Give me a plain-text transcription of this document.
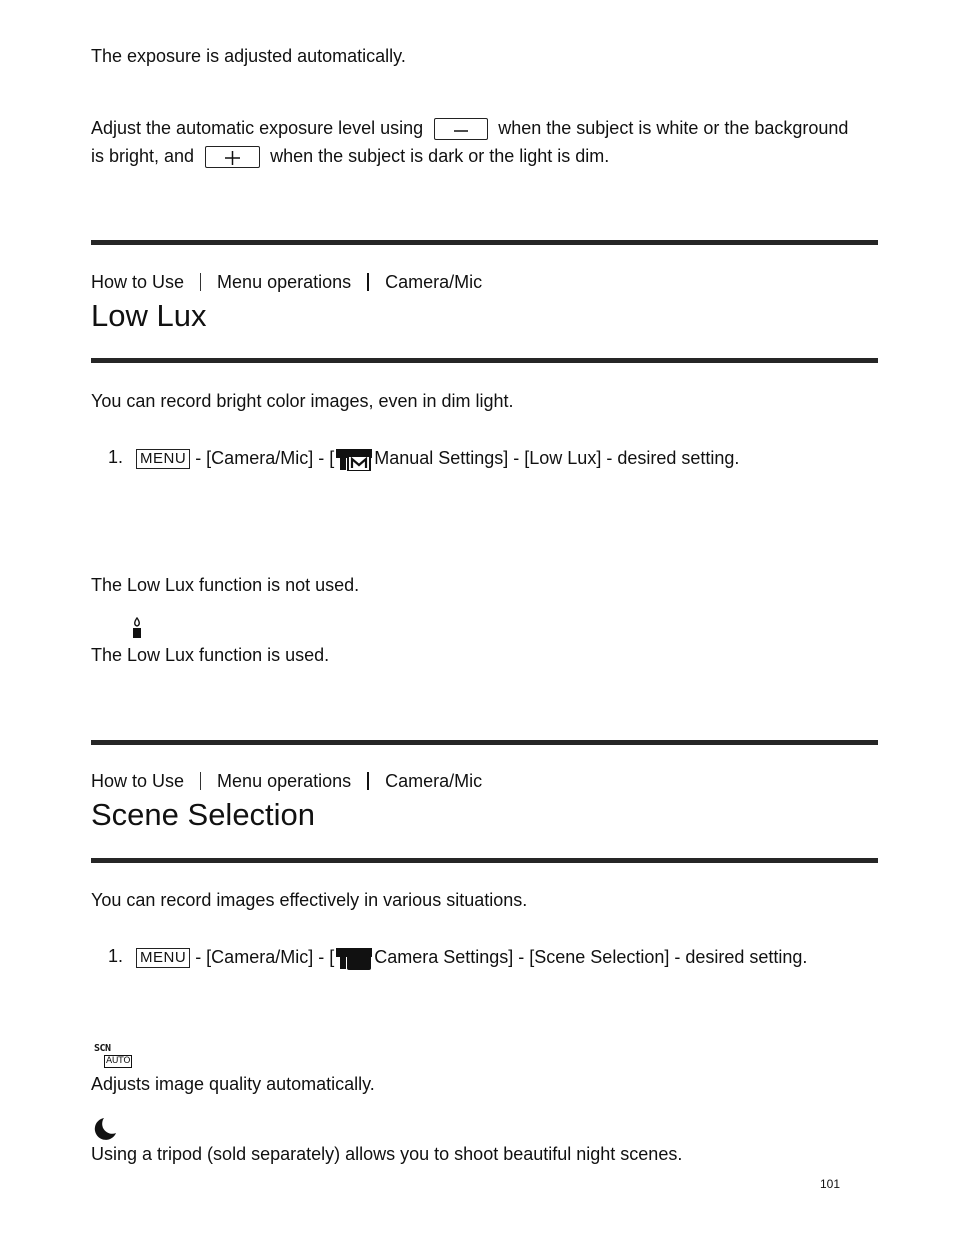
The exposure is adjusted automatically.
Adjust the automatic exposure level using	when the subject is white or the background
is bright, and	when the subject is dark or the light is dim.
How to Use Menu operations Camera/Mic
Low Lux
You can record bright color images, even in dim light.
1. MENU - [Camera/Mic] - [ Manual Settings] - [Low Lux] - desired setting.
The Low Lux function is not used.
The Low Lux function is used.
How to Use Menu operations Camera/Mic
Scene Selection
You can record images effectively in various situations.
1. MENU - [Camera/Mic] - [ Camera Settings] - [Scene Selection] - desired setting.
SCN
AUTO
Adjusts image quality automatically.
Using a tripod (sold separately) allows you to shoot beautiful night scenes.
101
